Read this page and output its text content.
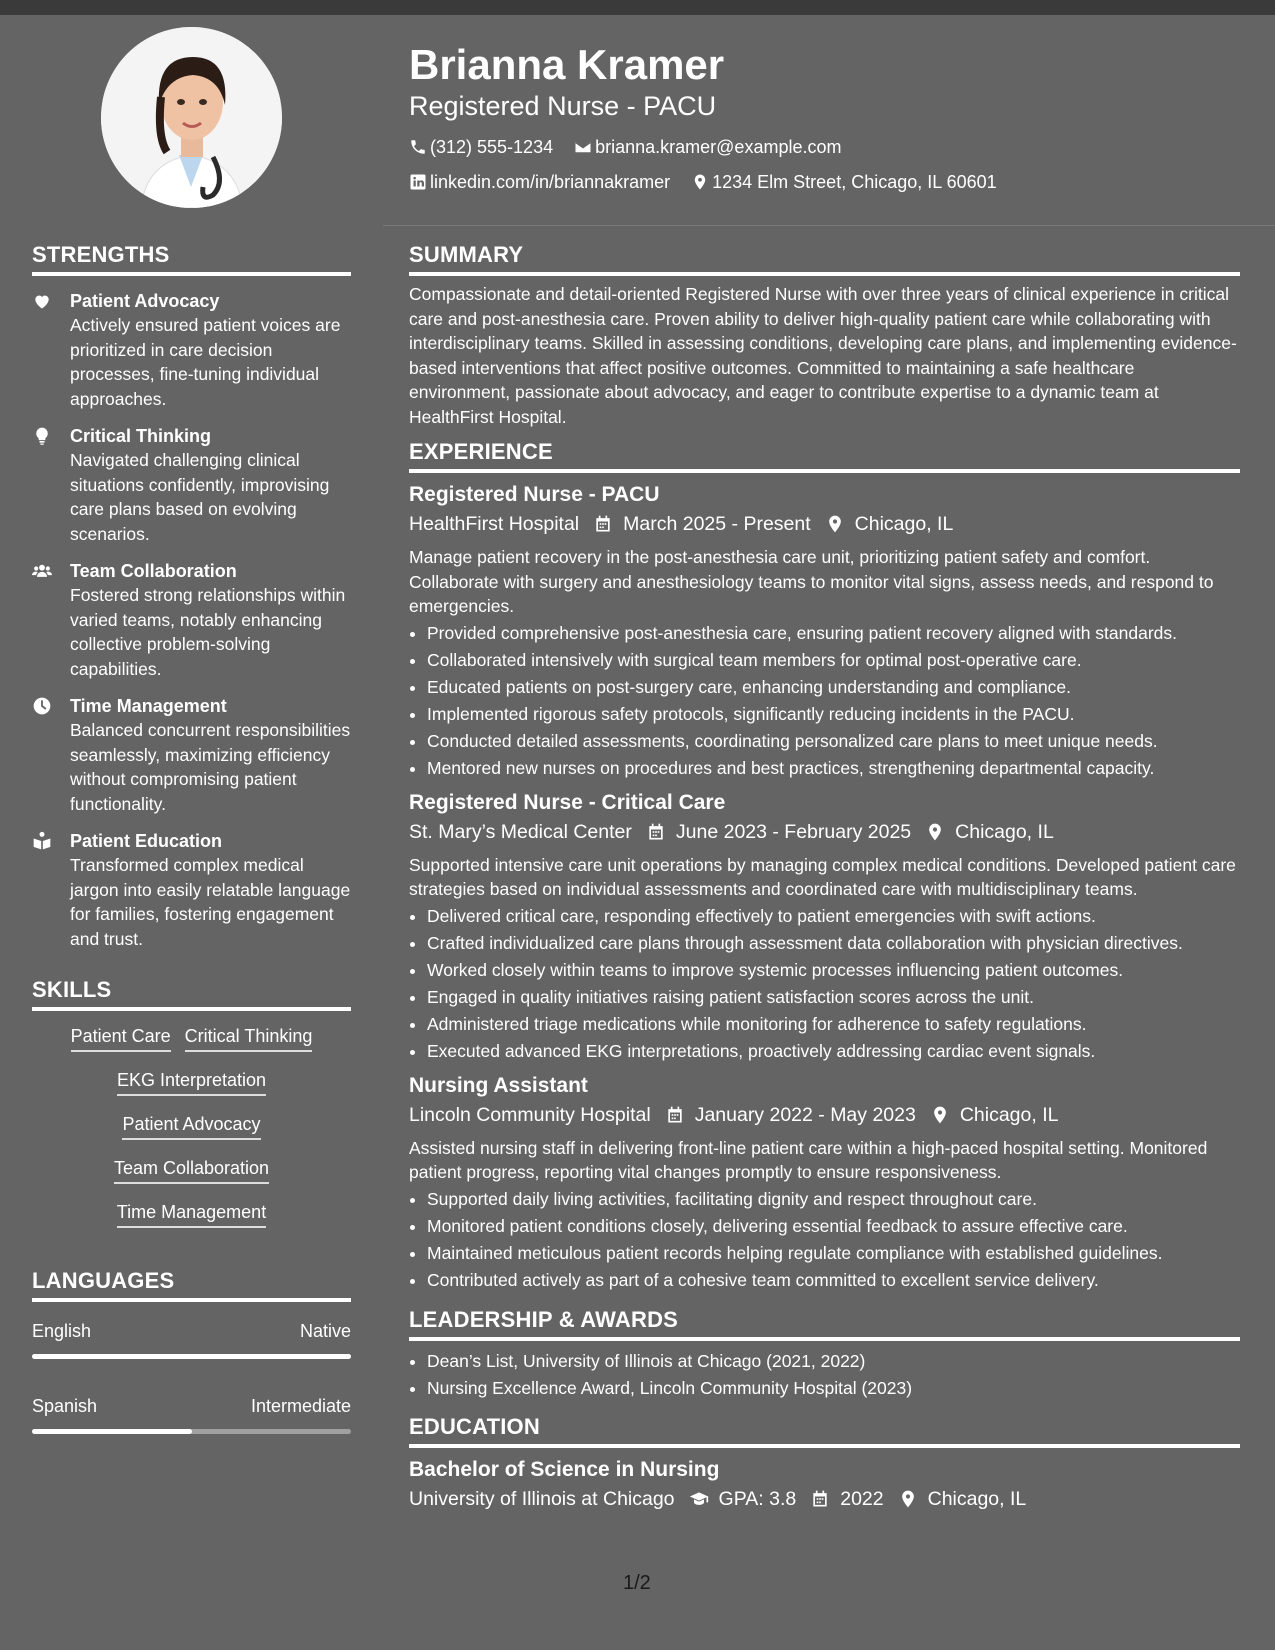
Brianna Kramer
Registered Nurse - PACU
(312) 555-1234
brianna.kramer@example.com

linkedin.com/in/briannakramer
1234 Elm Street, Chicago, IL 60601
STRENGTHS
Patient Advocacy
Actively ensured patient voices are prioritized in care decision processes, fine-tuning individual approaches.
Critical Thinking
Navigated challenging clinical situations confidently, improvising care plans based on evolving scenarios.
Team Collaboration
Fostered strong relationships within varied teams, notably enhancing collective problem-solving capabilities.
Time Management
Balanced concurrent responsibilities seamlessly, maximizing efficiency without compromising patient functionality.
Patient Education
Transformed complex medical jargon into easily relatable language for families, fostering engagement and trust.
SKILLS
Patient Care Critical Thinking
EKG Interpretation
Patient Advocacy
Team Collaboration
Time Management
LANGUAGES
English	Native
Spanish	Intermediate
SUMMARY

Compassionate and detail-oriented Registered Nurse with over three years of clinical experience in critical care and post-anesthesia care. Proven ability to deliver high-quality patient care while collaborating with interdisciplinary teams. Skilled in assessing conditions, developing care plans, and implementing evidence-based interventions that affect positive outcomes. Committed to maintaining a safe healthcare environment, passionate about advocacy, and eager to contribute expertise to a dynamic team at HealthFirst Hospital.

EXPERIENCE
Registered Nurse - PACU
HealthFirst Hospital March 2025 - Present Chicago, IL

Manage patient recovery in the post-anesthesia care unit, prioritizing patient safety and comfort. Collaborate with surgery and anesthesiology teams to monitor vital signs, assess needs, and respond to emergencies.

• Provided comprehensive post-anesthesia care, ensuring patient recovery aligned with standards.
• Collaborated intensively with surgical team members for optimal post-operative care.
• Educated patients on post-surgery care, enhancing understanding and compliance.
• Implemented rigorous safety protocols, significantly reducing incidents in the PACU.
• Conducted detailed assessments, coordinating personalized care plans to meet unique needs.
• Mentored new nurses on procedures and best practices, strengthening departmental capacity.
Registered Nurse - Critical Care
St. Mary’s Medical Center June 2023 - February 2025 Chicago, IL

Supported intensive care unit operations by managing complex medical conditions. Developed patient care strategies based on individual assessments and coordinated care with multidisciplinary teams.

• Delivered critical care, responding effectively to patient emergencies with swift actions.
• Crafted individualized care plans through assessment data collaboration with physician directives.
• Worked closely within teams to improve systemic processes influencing patient outcomes.
• Engaged in quality initiatives raising patient satisfaction scores across the unit.
• Administered triage medications while monitoring for adherence to safety regulations.
• Executed advanced EKG interpretations, proactively addressing cardiac event signals.
Nursing Assistant
Lincoln Community Hospital January 2022 - May 2023 Chicago, IL

Assisted nursing staff in delivering front-line patient care within a high-paced hospital setting. Monitored patient progress, reporting vital changes promptly to ensure responsiveness.

• Supported daily living activities, facilitating dignity and respect throughout care.
• Monitored patient conditions closely, delivering essential feedback to assure effective care.
• Maintained meticulous patient records helping regulate compliance with established guidelines.
• Contributed actively as part of a cohesive team committed to excellent service delivery.
LEADERSHIP & AWARDS
• Dean’s List, University of Illinois at Chicago (2021, 2022)
• Nursing Excellence Award, Lincoln Community Hospital (2023)
EDUCATION
Bachelor of Science in Nursing
University of Illinois at Chicago GPA: 3.8 2022 Chicago, IL
1/2
